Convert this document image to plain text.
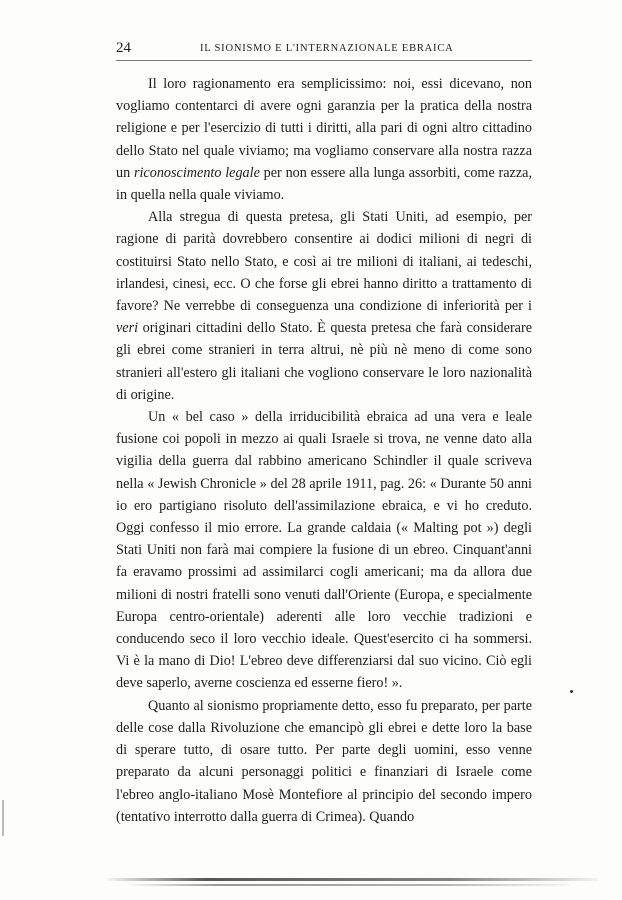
24	IL SIONISMO E L'INTERNAZIONALE EBRAICA

Il loro ragionamento era semplicissimo: noi, essi dicevano, non vogliamo contentarci di avere ogni garanzia per la pratica della nostra religione e per l'esercizio di tutti i diritti, alla pari di ogni altro cittadino dello Stato nel quale viviamo; ma vogliamo conservare alla nostra razza un riconoscimento legale per non essere alla lunga assorbiti, come razza, in quella nella quale viviamo.

Alla stregua di questa pretesa, gli Stati Uniti, ad esempio, per ragione di parità dovrebbero consentire ai dodici milioni di negri di costituirsi Stato nello Stato, e così ai tre milioni di italiani, ai tedeschi, irlandesi, cinesi, ecc. O che forse gli ebrei hanno diritto a trattamento di favore? Ne verrebbe di conseguenza una condizione di inferiorità per i veri originari cittadini dello Stato. È questa pretesa che farà considerare gli ebrei come stranieri in terra altrui, nè più nè meno di come sono stranieri all'estero gli italiani che vogliono conservare le loro nazionalità di origine.

Un « bel caso » della irriducibilità ebraica ad una vera e leale fusione coi popoli in mezzo ai quali Israele si trova, ne venne dato alla vigilia della guerra dal rabbino americano Schindler il quale scriveva nella « Jewish Chronicle » del 28 aprile 1911, pag. 26: « Durante 50 anni io ero partigiano risoluto dell'assimilazione ebraica, e vi ho creduto. Oggi confesso il mio errore. La grande caldaia (« Malting pot ») degli Stati Uniti non farà mai compiere la fusione di un ebreo. Cinquant'anni fa eravamo prossimi ad assimilarci cogli americani; ma da allora due milioni di nostri fratelli sono venuti dall'Oriente (Europa, e specialmente Europa centro-orientale) aderenti alle loro vecchie tradizioni e conducendo seco il loro vecchio ideale. Quest'esercito ci ha sommersi. Vi è la mano di Dio! L'ebreo deve differenziarsi dal suo vicino. Ciò egli deve saperlo, averne coscienza ed esserne fiero! ».

Quanto al sionismo propriamente detto, esso fu preparato, per parte delle cose dalla Rivoluzione che emancipò gli ebrei e dette loro la base di sperare tutto, di osare tutto. Per parte degli uomini, esso venne preparato da alcuni personaggi politici e finanziari di Israele come l'ebreo anglo-italiano Mosè Montefiore al principio del secondo impero (tentativo interrotto dalla guerra di Crimea). Quando
